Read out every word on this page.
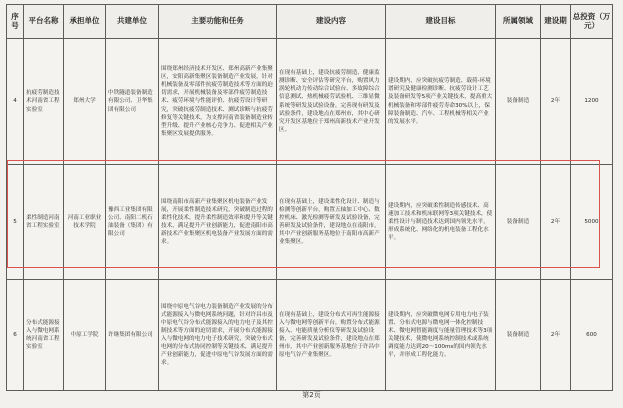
序号	平台名称	承担单位	共建单位	主要功能和任务	建设内容	建设目标	所属领域	建设期	总投资（万元）
4	抗疲劳制造技术河南省工程实验室	郑州大学	中铁隧道装备制造有限公司、卫华集团有限公司	围绕郑州经济技术开发区、郑州高新产业集聚区，安阳高新集聚区装备制造产业发展，针对机械装备及零部件抗疲劳制造技术等方面的迫切需求，开展机械装备及零部件疲劳制造技术、疲劳环境与性能评价、抗疲劳设计等研究，突破抗疲劳制造技术、测试诊断与抗疲劳修复等关键技术，为支撑河南省装备制造业转型升级、提升产业核心竞争力、促进相关产业集聚区发展提供服务。	在现有基础上，建设抗疲劳制造、健康监测诊断、安全评估等研究平台，购置风力涡轮机动力传动综合试验台、多故障综合信息测试、热机械疲劳试验机、三维显微系统等研发及试验设备，完善现有研发及试验条件，建设地点在郑州市，其中心研究开发区基地位于郑州高新技术产业开发区。	建设期内，应突破抗疲劳制造、载荷-环境谱研究及健康检测诊断、抗疲劳设计工艺及装备研发等5项产业关键技术，提高重大机械装备和零部件疲劳寿命30%以上，保障装备制造、汽车、工程机械等相关产业的发展水平。	装备制造	2年	1200
5	柔性制造河南省工程实验室	河南工业职业技术学院	豫西工业集团有限公司、南阳二机石油装备（集团）有限公司	围绕南阳市高新产业集聚区机电装备产业发展，开展柔性制造技术研究，突破制造过程的柔性化技术，提升柔性制造效率和提升等关键技术，满足提升产业创新能力，促进南阳市高新技术产业集聚区机电装备产业发展方面的需求。	在现有基础上，建设柔性化设计、制造与检测等创新平台，购置五轴加工中心、数控机床、激光检测等研发及试验设备，完善研发及试验条件，建设地点在南阳市，其中产业创新服务基地位于南阳市高新产业集聚区。	建设期内，应突破柔性制造传感技术、高速加工技术和机床联网等3项关键技术，使柔性设计与制造技术达到国内领先水平，形成系统化、网络化的机电装备工程化水平。	装备制造	2年	5000
6	分布式能源接入与微电网系统河南省工程实验室	中原工学院	许继集团有限公司	围绕中原电气谷电力装备制造产业发展的分布式能源接入与微电网系统问题，针对许昌市及中原电气谷分布式能源接入的电力电子及其控制技术等方面的迫切需求，开展分布式能源接入与微电网的电力电子技术研究，突破分布式电网的分布式协同控制等关键技术，满足提升产业创新能力，促进中原电气谷发展方面的需求。	在现有基础上，建设分布式可再生能源接入与微电网等创新平台，购置分布式能源接入、电能质量分析仪等研发及试验设备，完善研发及试验条件，建设地点在郑州市，其中产业创新服务基地位于许昌中原电气谷产业集聚区。	建设期内，应突破微电网专用电力电子装置、分布式电源与微电网一体化控制技术、微电网智能调度与能量管理技术等3项关键技术，使微电网系统控制技术或系统调度能力达到20～100ms的国内领先水平，并形成工程化能力。	装备制造	2年	600
第2页
